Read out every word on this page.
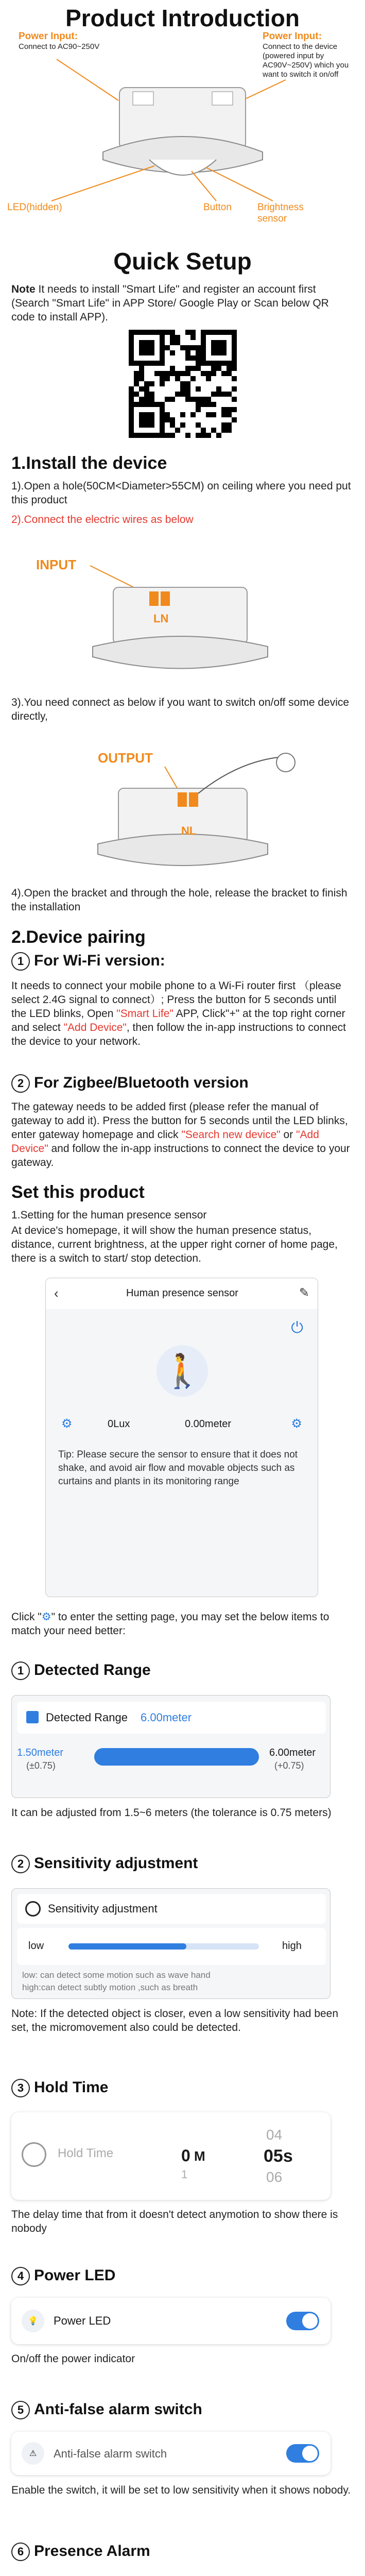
Product Introduction
Power Input:
Connect to AC90~250V
Power Input:
Connect to the device (powered input by AC90V~250V) which you want to switch it on/off
LED(hidden)	Button	Brightness sensor
Quick Setup
Note It needs to install "Smart Life" and register an account first (Search "Smart Life" in APP Store/ Google Play or Scan below QR code to install APP).
1.Install the device
1).Open a hole(50CM<Diameter>55CM) on ceiling where you need put this product
2).Connect the electric wires as below
INPUT
LN
3).You need connect as below if you want to switch on/off some device directly,
OUTPUT
NL
4).Open the bracket and through the hole, release the bracket to finish the installation
2.Device pairing
1 For Wi-Fi version:
It needs to connect your mobile phone to a Wi-Fi router first （please select 2.4G signal to connect）; Press the button for 5 seconds until the LED blinks, Open "Smart Life" APP, Click"+" at the top right corner and select "Add Device", then follow the in-app instructions to connect the device to your network.
2 For Zigbee/Bluetooth version
The gateway needs to be added first (please refer the manual of gateway to add it). Press the button for 5 seconds until the LED blinks, enter gateway homepage and click "Search new device" or "Add Device" and follow the in-app instructions to connect the device to your gateway.
Set this product
1.Setting for the human presence sensor
At device's homepage, it will show the human presence status, distance, current brightness, at the upper right corner of home page, there is a switch to start/ stop detection.
‹	Human presence sensor	✎
⏻
🚶
⚙	0Lux	0.00meter	⚙
Tip: Please secure the sensor to ensure that it does not shake, and avoid air flow and movable objects such as curtains and plants in its monitoring range
Click "⚙" to enter the setting page, you may set the below items to match your need better:
1 Detected Range
Detected Range 6.00meter
1.50meter
(±0.75)
6.00meter
(+0.75)
It can be adjusted from 1.5~6 meters (the tolerance is 0.75 meters)
2 Sensitivity adjustment
Sensitivity adjustment
low	high
low: can detect some motion such as wave hand
high:can detect subtly motion ,such as breath
Note: If the detected object is closer, even a low sensitivity had been set, the micromovement also could be detected.
3 Hold Time
Hold Time	0 M
1
04
05s
06
The delay time that from it doesn't detect anymotion to show there is nobody
4 Power LED
💡	Power LED
On/off the power indicator
5 Anti-false alarm switch
⚠	Anti-false alarm switch
Enable the switch, it will be set to low sensitivity when it shows nobody.
6 Presence Alarm
